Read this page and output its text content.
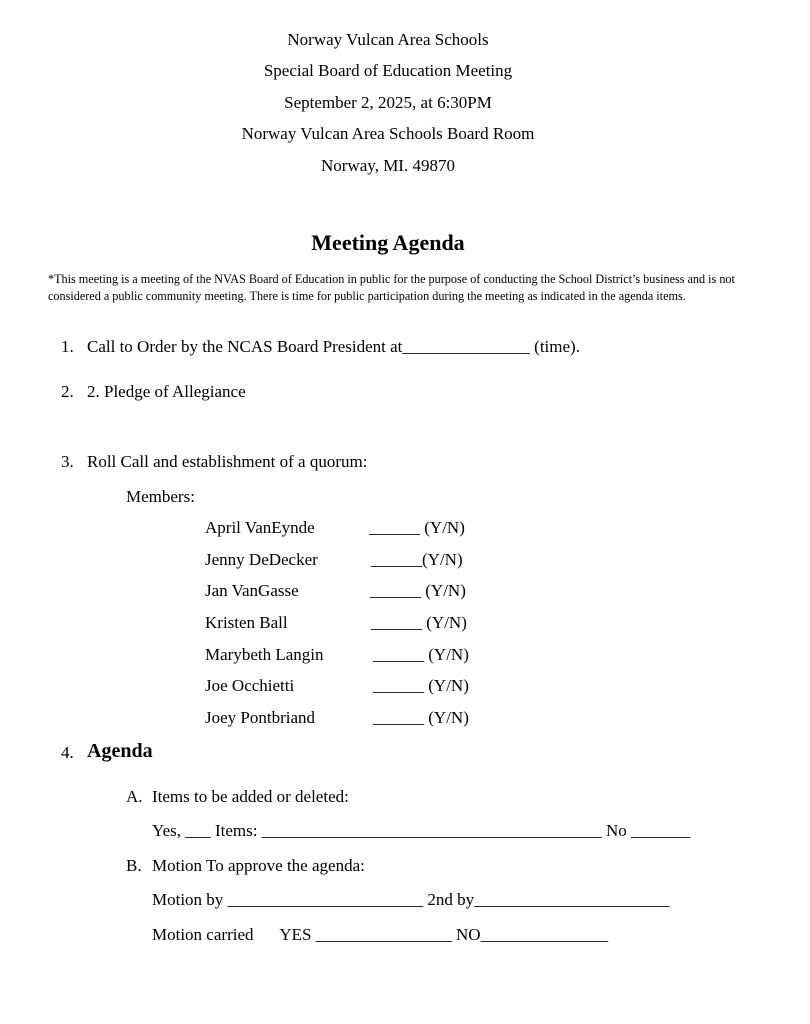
Norway Vulcan Area Schools
Special Board of Education Meeting
September 2, 2025, at 6:30PM
Norway Vulcan Area Schools Board Room
Norway, MI. 49870
Meeting Agenda
*This meeting is a meeting of the NVAS Board of Education in public for the purpose of conducting the School District’s business and is not considered a public community meeting. There is time for public participation during the meeting as indicated in the agenda items.
1. Call to Order by the NCAS Board President at_______________ (time).
2. 2. Pledge of Allegiance
3. Roll Call and establishment of a quorum:
Members:
April VanEynde	______ (Y/N)
Jenny DeDecker	______(Y/N)
Jan VanGasse	______ (Y/N)
Kristen Ball	______ (Y/N)
Marybeth Langin	______ (Y/N)
Joe Occhietti	______ (Y/N)
Joey Pontbriand	______ (Y/N)
4. Agenda
A. Items to be added or deleted:
Yes, ___ Items: ________________________________________ No _______
B. Motion To approve the agenda:
Motion by _______________________ 2nd by_______________________
Motion carried YES ________________ NO_______________
